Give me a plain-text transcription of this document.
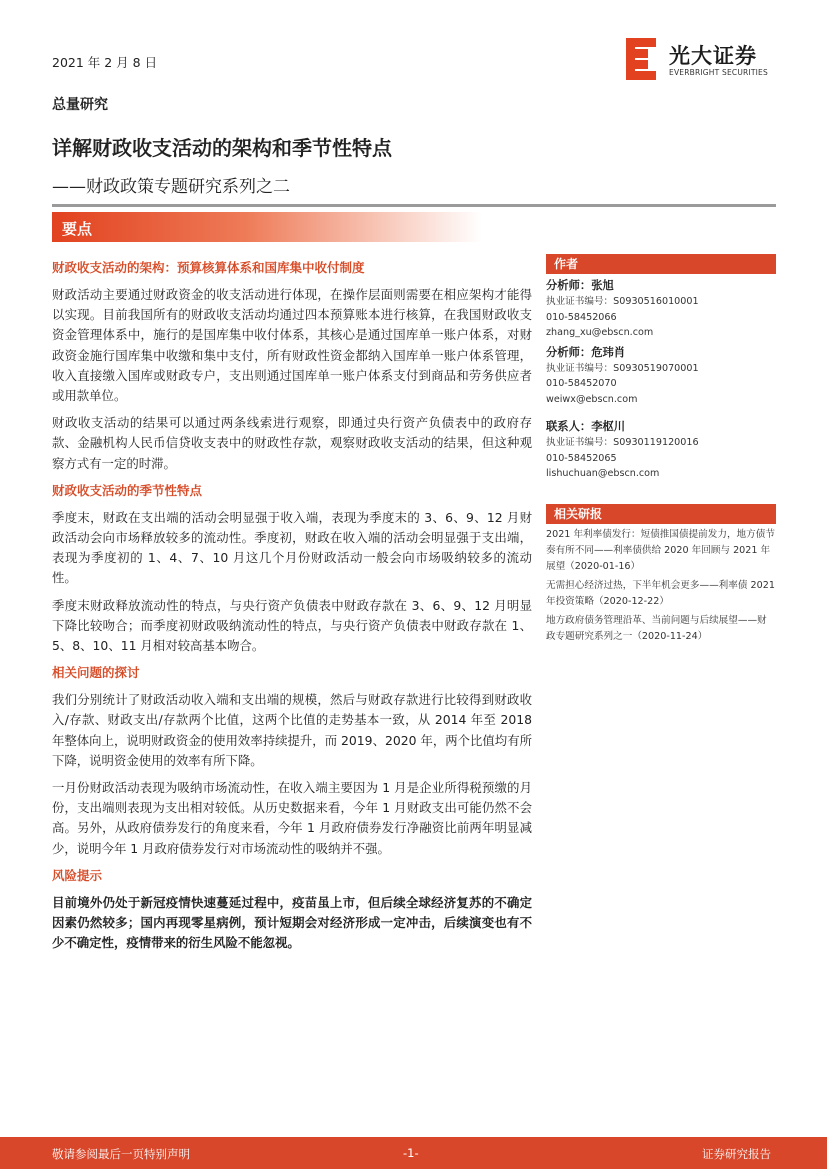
2021 年 2 月 8 日	光大证券
EVERBRIGHT SECURITIES
总量研究
详解财政收支活动的架构和季节性特点
——财政政策专题研究系列之二
要点
财政收支活动的架构：预算核算体系和国库集中收付制度

财政活动主要通过财政资金的收支活动进行体现，在操作层面则需要在相应架构才能得以实现。目前我国所有的财政收支活动均通过四本预算账本进行核算，在我国财政收支资金管理体系中，施行的是国库集中收付体系，其核心是通过国库单一账户体系，对财政资金施行国库集中收缴和集中支付，所有财政性资金都纳入国库单一账户体系管理，收入直接缴入国库或财政专户，支出则通过国库单一账户体系支付到商品和劳务供应者或用款单位。

财政收支活动的结果可以通过两条线索进行观察，即通过央行资产负债表中的政府存款、金融机构人民币信贷收支表中的财政性存款，观察财政收支活动的结果，但这种观察方式有一定的时滞。

财政收支活动的季节性特点

季度末，财政在支出端的活动会明显强于收入端，表现为季度末的 3、6、9、12 月财政活动会向市场释放较多的流动性。季度初，财政在收入端的活动会明显强于支出端，表现为季度初的 1、4、7、10 月这几个月份财政活动一般会向市场吸纳较多的流动性。

季度末财政释放流动性的特点，与央行资产负债表中财政存款在 3、6、9、12 月明显下降比较吻合；而季度初财政吸纳流动性的特点，与央行资产负债表中财政存款在 1、5、8、10、11 月相对较高基本吻合。

相关问题的探讨

我们分别统计了财政活动收入端和支出端的规模，然后与财政存款进行比较得到财政收入/存款、财政支出/存款两个比值，这两个比值的走势基本一致，从 2014 年至 2018 年整体向上，说明财政资金的使用效率持续提升，而 2019、2020 年，两个比值均有所下降，说明资金使用的效率有所下降。

一月份财政活动表现为吸纳市场流动性，在收入端主要因为 1 月是企业所得税预缴的月份，支出端则表现为支出相对较低。从历史数据来看，今年 1 月财政支出可能仍然不会高。另外，从政府债券发行的角度来看，今年 1 月政府债券发行净融资比前两年明显减少，说明今年 1 月政府债券发行对市场流动性的吸纳并不强。

风险提示

目前境外仍处于新冠疫情快速蔓延过程中，疫苗虽上市，但后续全球经济复苏的不确定因素仍然较多；国内再现零星病例，预计短期会对经济形成一定冲击，后续演变也有不少不确定性，疫情带来的衍生风险不能忽视。

作者
分析师：张旭
执业证书编号：S0930516010001
010-58452066
zhang_xu@ebscn.com
分析师：危玮肖
执业证书编号：S0930519070001
010-58452070
weiwx@ebscn.com
联系人：李枢川
执业证书编号：S0930119120016
010-58452065
lishuchuan@ebscn.com
相关研报
2021 年利率债发行：短债推国债提前发力，地方债节奏有所不同——利率债供给 2020 年回顾与 2021 年展望（2020-01-16）
无需担心经济过热，下半年机会更多——利率债 2021 年投资策略（2020-12-22）
地方政府债务管理沿革、当前问题与后续展望——财政专题研究系列之一（2020-11-24）
敬请参阅最后一页特别声明	-1-	证券研究报告
